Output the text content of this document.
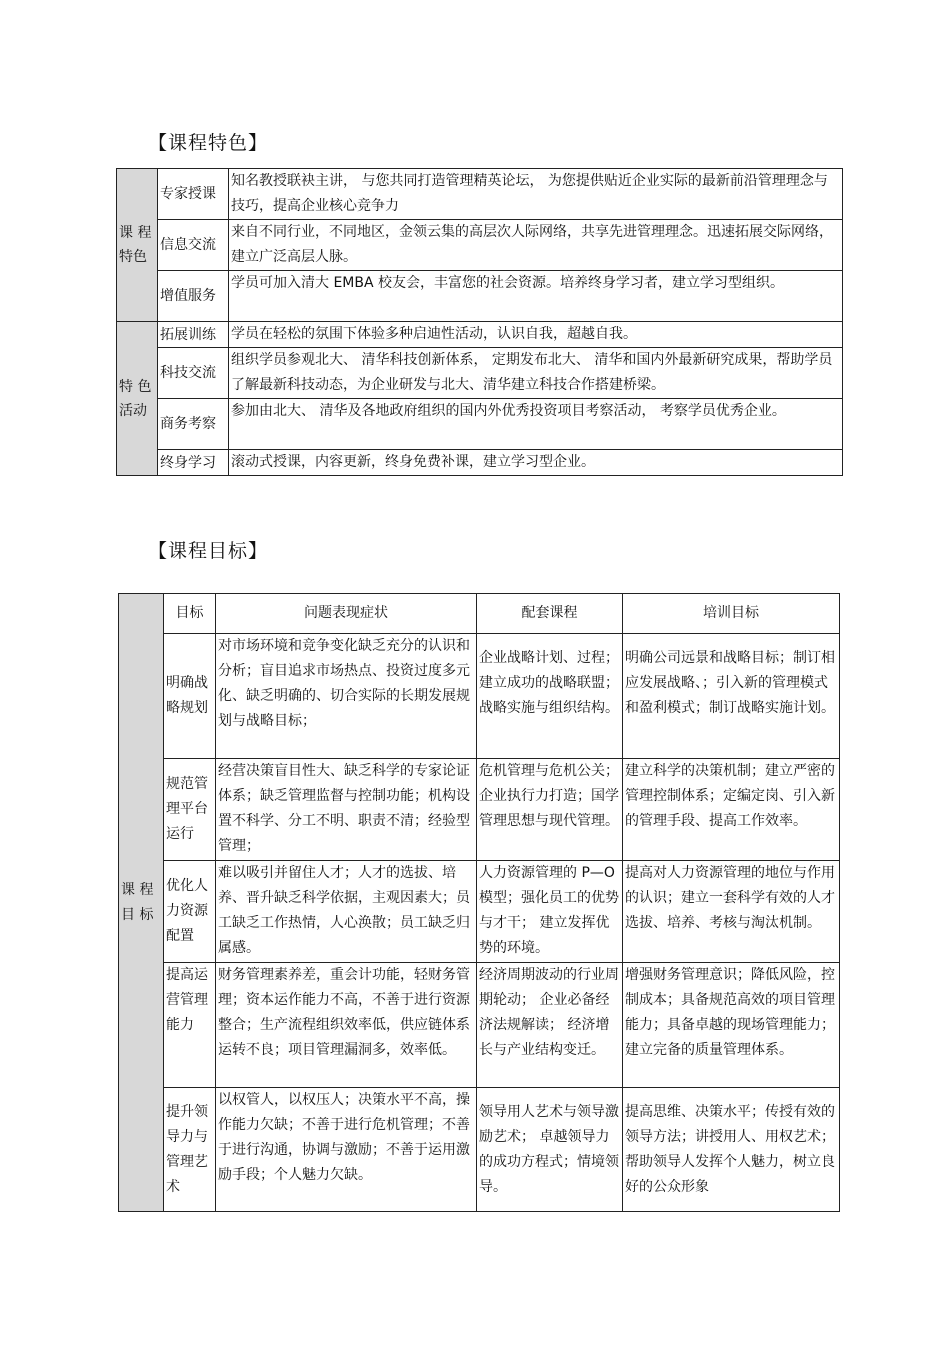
【课程特色】
课 程特色	专家授课	知名教授联袂主讲， 与您共同打造管理精英论坛， 为您提供贴近企业实际的最新前沿管理理念与技巧，提高企业核心竞争力
	信息交流	来自不同行业，不同地区，金领云集的高层次人际网络，共享先进管理理念。迅速拓展交际网络，建立广泛高层人脉。
	增值服务	学员可加入清大 EMBA 校友会，丰富您的社会资源。培养终身学习者，建立学习型组织。
特 色活动	拓展训练	学员在轻松的氛围下体验多种启迪性活动，认识自我，超越自我。
	科技交流	组织学员参观北大、 清华科技创新体系， 定期发布北大、 清华和国内外最新研究成果，帮助学员了解最新科技动态，为企业研发与北大、清华建立科技合作搭建桥梁。
	商务考察	参加由北大、 清华及各地政府组织的国内外优秀投资项目考察活动， 考察学员优秀企业。
	终身学习	滚动式授课，内容更新，终身免费补课，建立学习型企业。
【课程目标】
课 程目 标	目标	问题表现症状	配套课程	培训目标
	明确战略规划	对市场环境和竞争变化缺乏充分的认识和分析；盲目追求市场热点、投资过度多元化、缺乏明确的、切合实际的长期发展规划与战略目标；	企业战略计划、过程；建立成功的战略联盟；战略实施与组织结构。	明确公司远景和战略目标；制订相应发展战略、；引入新的管理模式和盈利模式；制订战略实施计划。
	规范管理平台运行	经营决策盲目性大、缺乏科学的专家论证体系；缺乏管理监督与控制功能；机构设置不科学、分工不明、职责不清；经验型管理；	危机管理与危机公关；企业执行力打造；国学管理思想与现代管理。	建立科学的决策机制；建立严密的管理控制体系；定编定岗、引入新的管理手段、提高工作效率。
	优化人力资源配置	难以吸引并留住人才；人才的选拔、培养、晋升缺乏科学依据，主观因素大；员工缺乏工作热情，人心涣散；员工缺乏归属感。	人力资源管理的 P—O 模型；强化员工的优势与才干； 建立发挥优势的环境。	提高对人力资源管理的地位与作用的认识；建立一套科学有效的人才选拔、培养、考核与淘汰机制。
	提高运营管理能力	财务管理素养差，重会计功能，轻财务管理；资本运作能力不高，不善于进行资源整合；生产流程组织效率低，供应链体系运转不良；项目管理漏洞多，效率低。	经济周期波动的行业周期轮动； 企业必备经济法规解读； 经济增长与产业结构变迁。	增强财务管理意识；降低风险，控制成本；具备规范高效的项目管理能力；具备卓越的现场管理能力；建立完备的质量管理体系。
	提升领导力与管理艺术	以权管人，以权压人；决策水平不高，操作能力欠缺；不善于进行危机管理；不善于进行沟通，协调与激励；不善于运用激励手段；个人魅力欠缺。	领导用人艺术与领导激励艺术； 卓越领导力的成功方程式；情境领导。	提高思维、决策水平；传授有效的领导方法；讲授用人、用权艺术；帮助领导人发挥个人魅力，树立良好的公众形象
